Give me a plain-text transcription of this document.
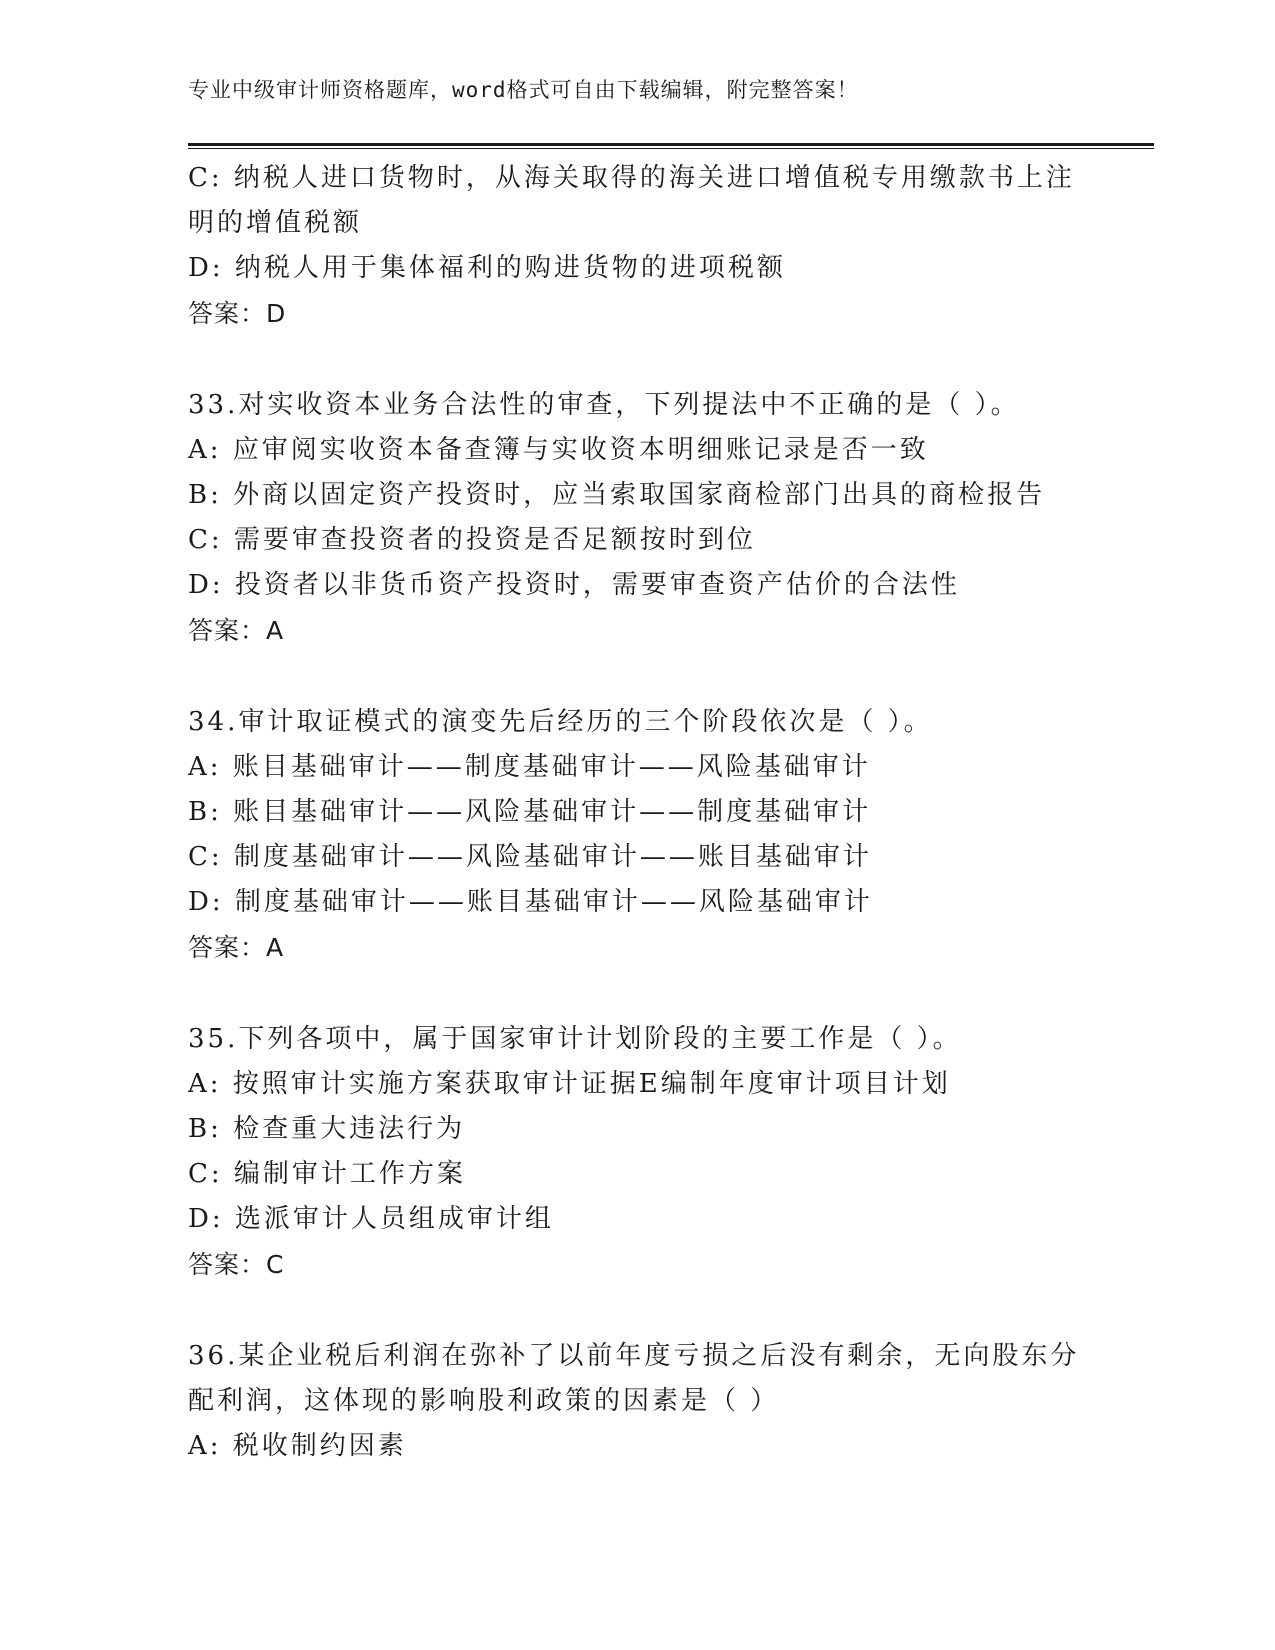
专业中级审计师资格题库，word格式可自由下载编辑，附完整答案！
C: 纳税人进口货物时，从海关取得的海关进口增值税专用缴款书上注
明的增值税额
D: 纳税人用于集体福利的购进货物的进项税额
答案：D
33.对实收资本业务合法性的审查，下列提法中不正确的是（ ）。
A: 应审阅实收资本备查簿与实收资本明细账记录是否一致
B: 外商以固定资产投资时，应当索取国家商检部门出具的商检报告
C: 需要审查投资者的投资是否足额按时到位
D: 投资者以非货币资产投资时，需要审查资产估价的合法性
答案：A
34.审计取证模式的演变先后经历的三个阶段依次是（ ）。
A: 账目基础审计——制度基础审计——风险基础审计
B: 账目基础审计——风险基础审计——制度基础审计
C: 制度基础审计——风险基础审计——账目基础审计
D: 制度基础审计——账目基础审计——风险基础审计
答案：A
35.下列各项中，属于国家审计计划阶段的主要工作是（ ）。
A: 按照审计实施方案获取审计证据E编制年度审计项目计划
B: 检查重大违法行为
C: 编制审计工作方案
D: 选派审计人员组成审计组
答案：C
36.某企业税后利润在弥补了以前年度亏损之后没有剩余，无向股东分
配利润，这体现的影响股利政策的因素是（ ）
A: 税收制约因素
